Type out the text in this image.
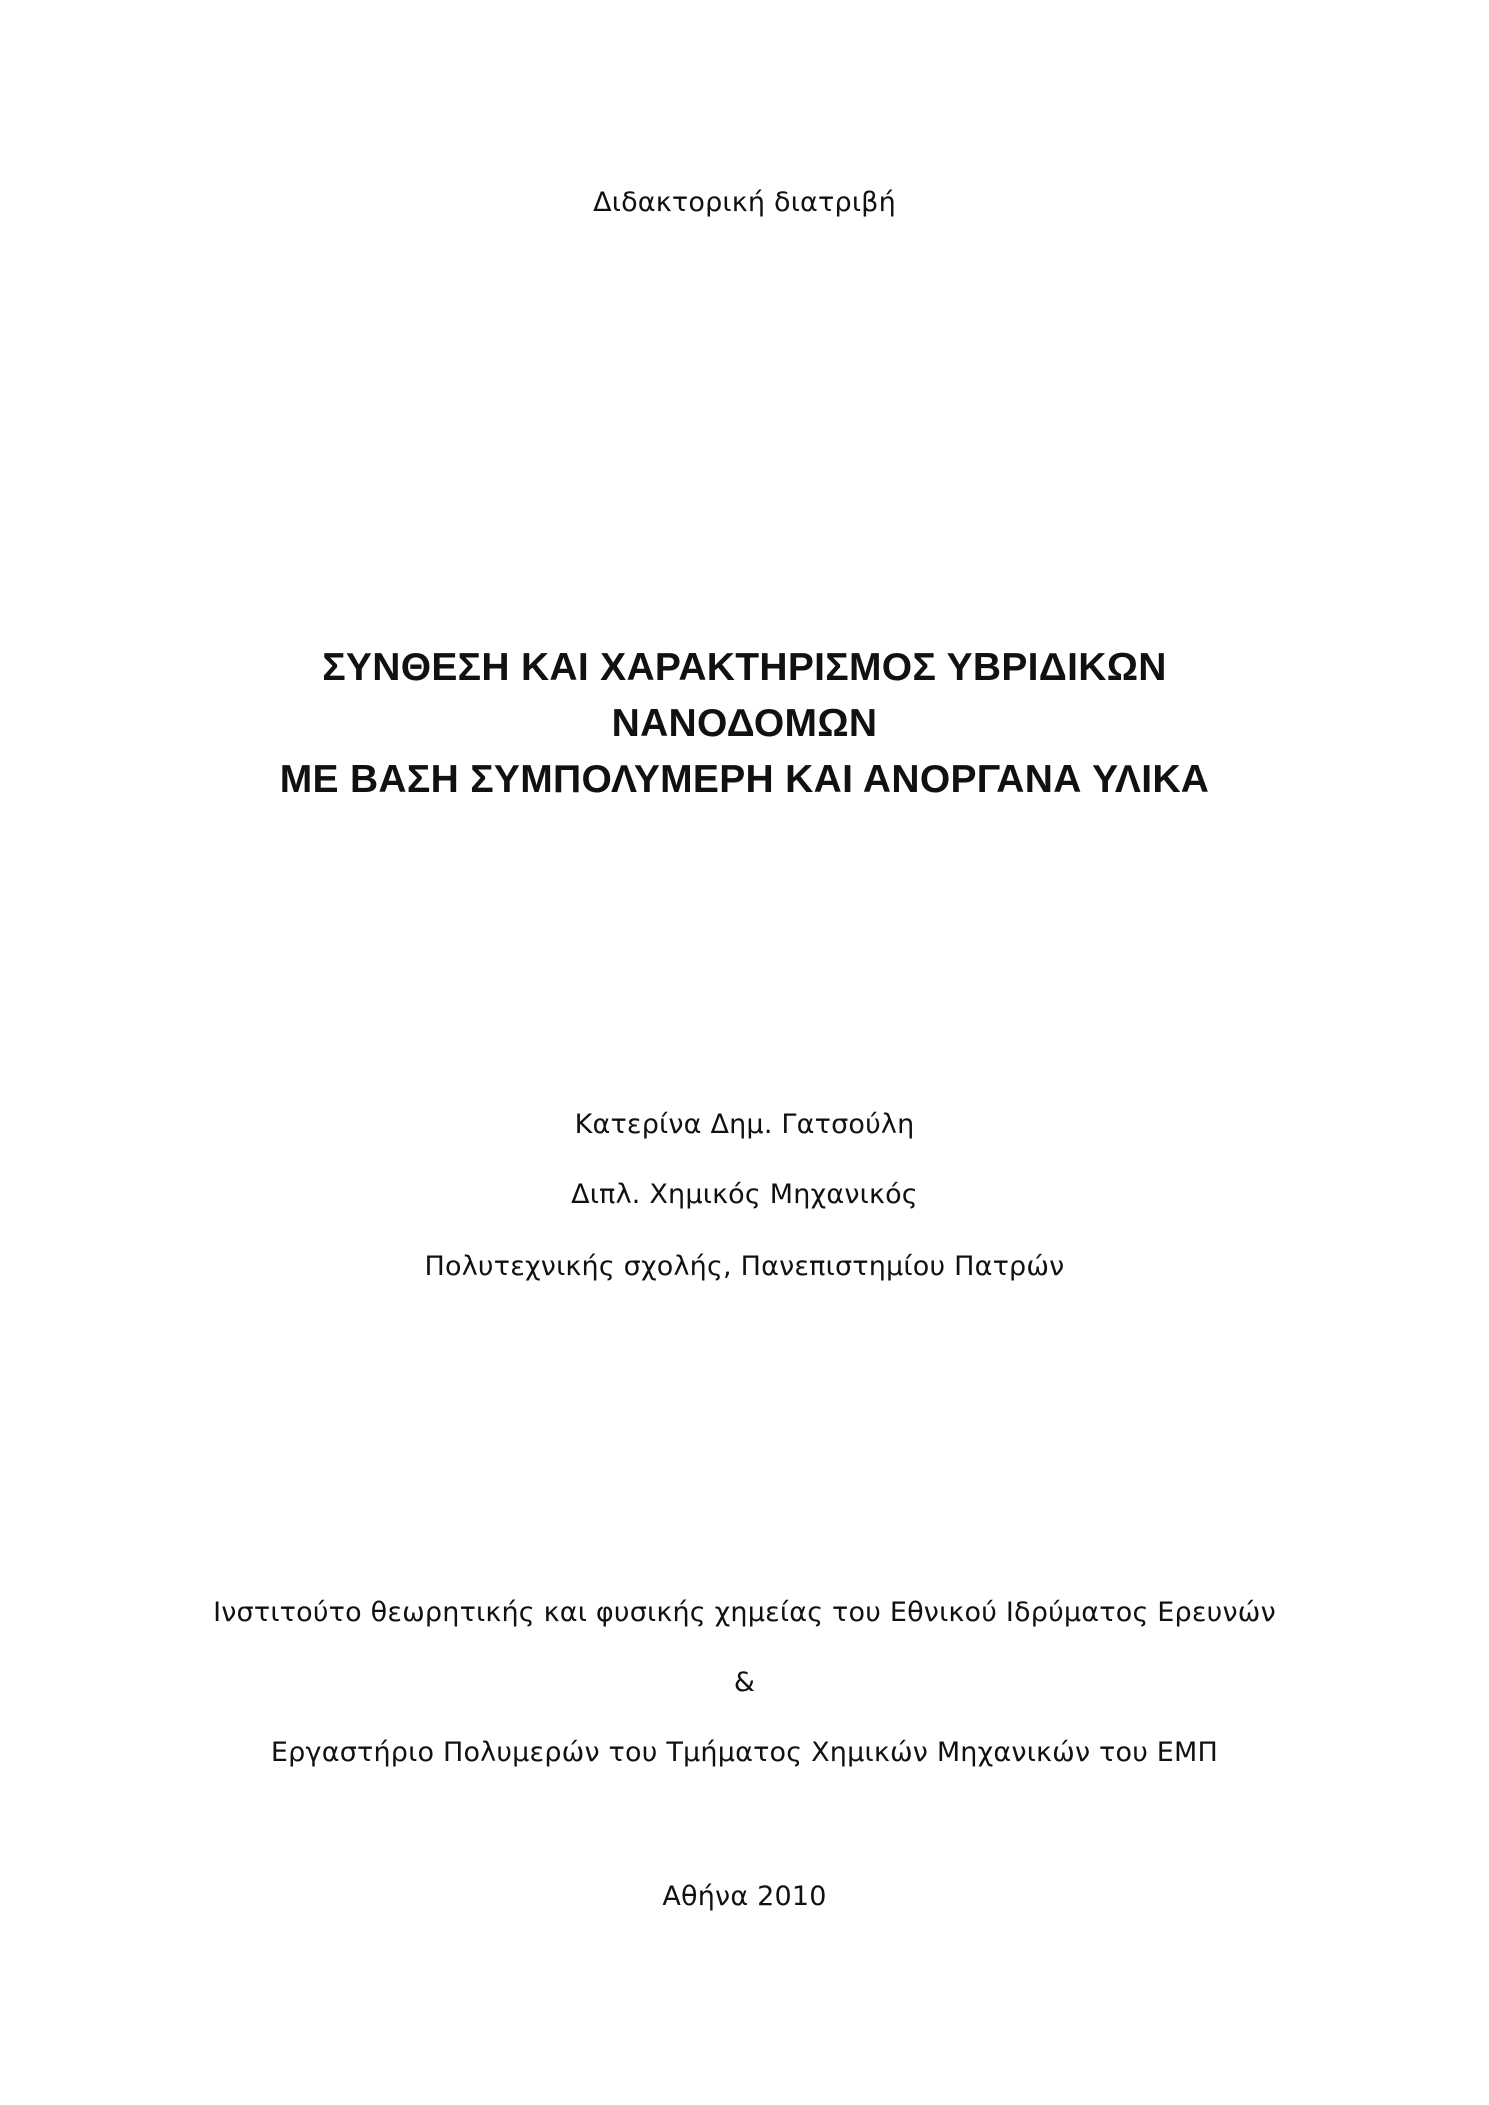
Διδακτορική διατριβή

ΣΥΝΘΕΣΗ ΚΑΙ ΧΑΡΑΚΤΗΡΙΣΜΟΣ ΥΒΡΙΔΙΚΩΝ
ΝΑΝΟΔΟΜΩΝ
ΜΕ ΒΑΣΗ ΣΥΜΠΟΛΥΜΕΡΗ ΚΑΙ ΑΝΟΡΓΑΝΑ ΥΛΙΚΑ

Κατερίνα Δημ. Γατσούλη

Διπλ. Χημικός Μηχανικός

Πολυτεχνικής σχολής, Πανεπιστημίου Πατρών

Ινστιτούτο θεωρητικής και φυσικής χημείας του Εθνικού Ιδρύματος Ερευνών

&

Εργαστήριο Πολυμερών του Τμήματος Χημικών Μηχανικών του ΕΜΠ

Αθήνα 2010
